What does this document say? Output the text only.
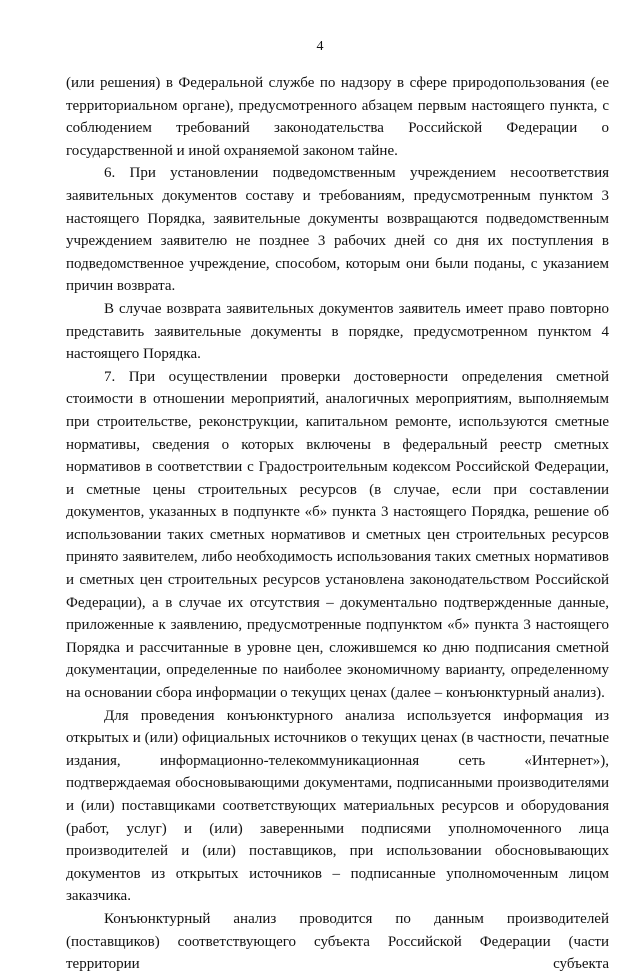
4

(или решения) в Федеральной службе по надзору в сфере природопользования (ее территориальном органе), предусмотренного абзацем первым настоящего пункта, с соблюдением требований законодательства Российской Федерации о государственной и иной охраняемой законом тайне.

6. При установлении подведомственным учреждением несоответствия заявительных документов составу и требованиям, предусмотренным пунктом 3 настоящего Порядка, заявительные документы возвращаются подведомственным учреждением заявителю не позднее 3 рабочих дней со дня их поступления в подведомственное учреждение, способом, которым они были поданы, с указанием причин возврата.

В случае возврата заявительных документов заявитель имеет право повторно представить заявительные документы в порядке, предусмотренном пунктом 4 настоящего Порядка.

7. При осуществлении проверки достоверности определения сметной стоимости в отношении мероприятий, аналогичных мероприятиям, выполняемым при строительстве, реконструкции, капитальном ремонте, используются сметные нормативы, сведения о которых включены в федеральный реестр сметных нормативов в соответствии с Градостроительным кодексом Российской Федерации, и сметные цены строительных ресурсов (в случае, если при составлении документов, указанных в подпункте «б» пункта 3 настоящего Порядка, решение об использовании таких сметных нормативов и сметных цен строительных ресурсов принято заявителем, либо необходимость использования таких сметных нормативов и сметных цен строительных ресурсов установлена законодательством Российской Федерации), а в случае их отсутствия – документально подтвержденные данные, приложенные к заявлению, предусмотренные подпунктом «б» пункта 3 настоящего Порядка и рассчитанные в уровне цен, сложившемся ко дню подписания сметной документации, определенные по наиболее экономичному варианту, определенному на основании сбора информации о текущих ценах (далее – конъюнктурный анализ).

Для проведения конъюнктурного анализа используется информация из открытых и (или) официальных источников о текущих ценах (в частности, печатные издания, информационно-телекоммуникационная сеть «Интернет»), подтверждаемая обосновывающими документами, подписанными производителями и (или) поставщиками соответствующих материальных ресурсов и оборудования (работ, услуг) и (или) заверенными подписями уполномоченного лица производителей и (или) поставщиков, при использовании обосновывающих документов из открытых источников – подписанные уполномоченным лицом заказчика.

Конъюнктурный анализ проводится по данным производителей (поставщиков) соответствующего субъекта Российской Федерации (части территории субъекта
